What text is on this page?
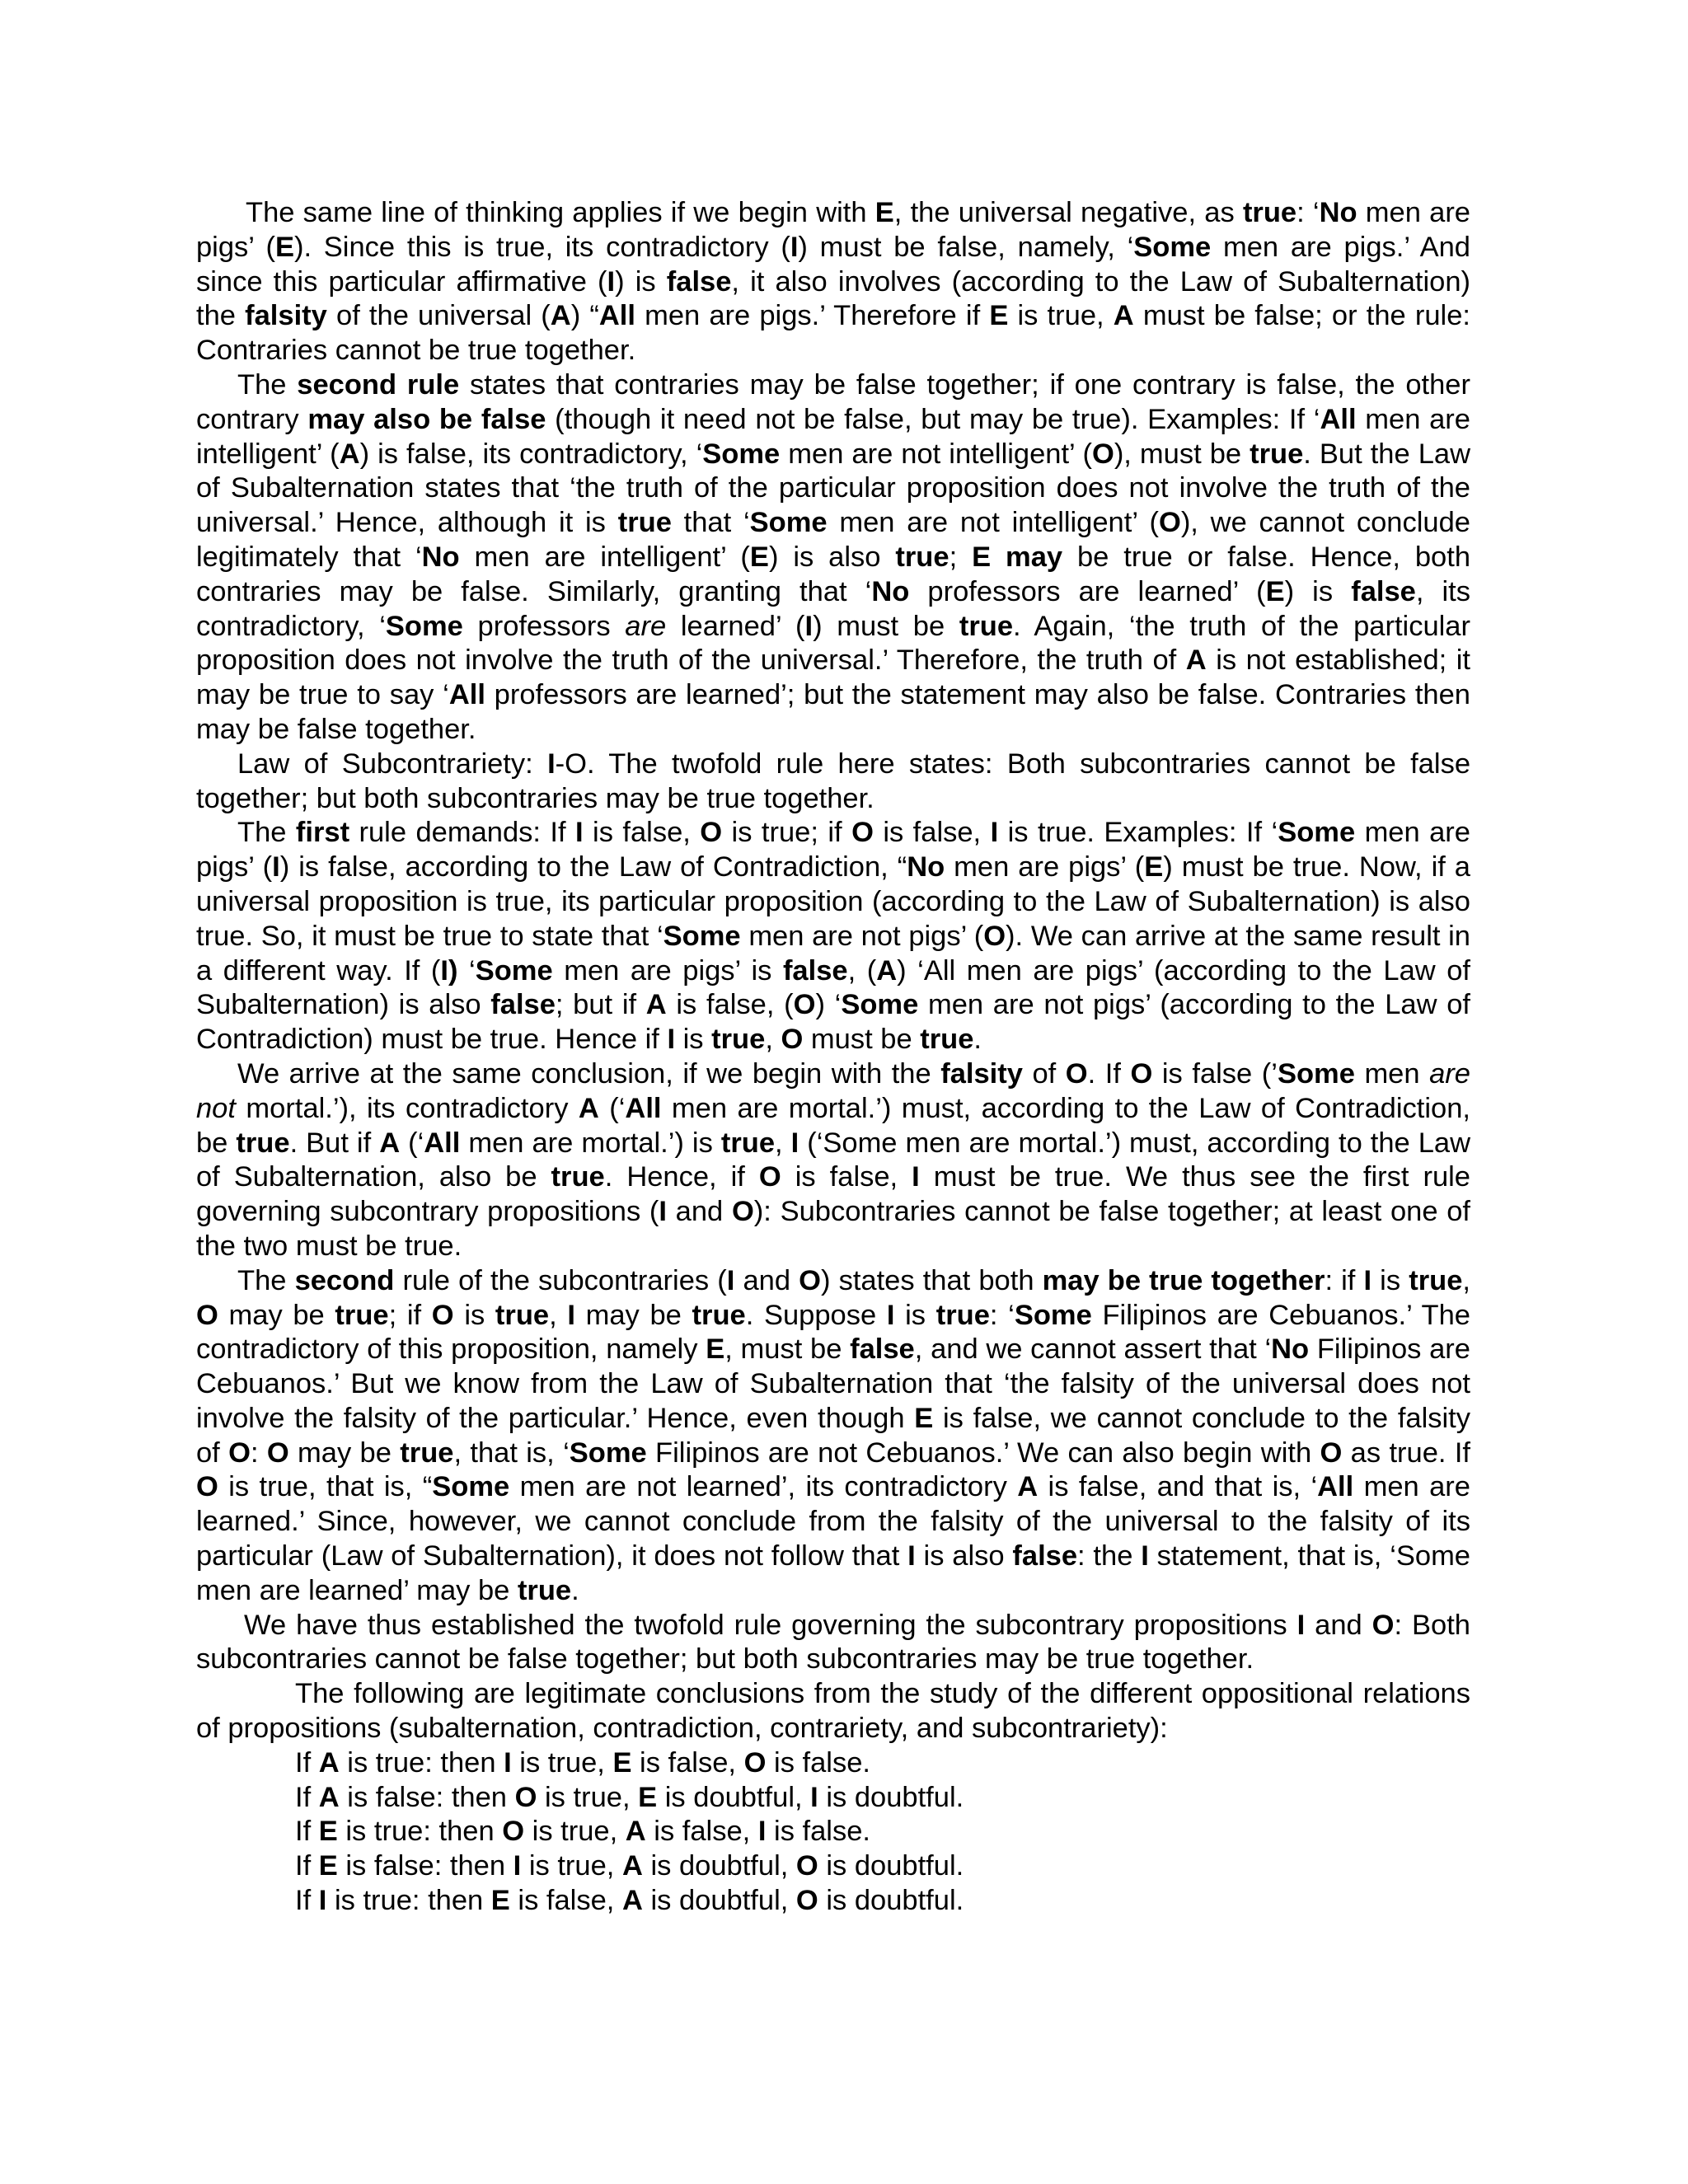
The same line of thinking applies if we begin with E, the universal negative, as true: ‘No men are pigs’ (E). Since this is true, its contradictory (I) must be false, namely, ‘Some men are pigs.’ And since this particular affirmative (I) is false, it also involves (according to the Law of Subalternation) the falsity of the universal (A) “All men are pigs.’ Therefore if E is true, A must be false; or the rule: Contraries cannot be true together.

The second rule states that contraries may be false together; if one contrary is false, the other contrary may also be false (though it need not be false, but may be true). Examples: If ‘All men are intelligent’ (A) is false, its contradictory, ‘Some men are not intelligent’ (O), must be true. But the Law of Subalternation states that ‘the truth of the particular proposition does not involve the truth of the universal.’ Hence, although it is true that ‘Some men are not intelligent’ (O), we cannot conclude legitimately that ‘No men are intelligent’ (E) is also true; E may be true or false. Hence, both contraries may be false. Similarly, granting that ‘No professors are learned’ (E) is false, its contradictory, ‘Some professors are learned’ (I) must be true. Again, ‘the truth of the particular proposition does not involve the truth of the universal.’ Therefore, the truth of A is not established; it may be true to say ‘All professors are learned’; but the statement may also be false. Contraries then may be false together.

Law of Subcontrariety: I-O. The twofold rule here states: Both subcontraries cannot be false together; but both subcontraries may be true together.

The first rule demands: If I is false, O is true; if O is false, I is true. Examples: If ‘Some men are pigs’ (I) is false, according to the Law of Contradiction, “No men are pigs’ (E) must be true. Now, if a universal proposition is true, its particular proposition (according to the Law of Subalternation) is also true. So, it must be true to state that ‘Some men are not pigs’ (O). We can arrive at the same result in a different way. If (I) ‘Some men are pigs’ is false, (A) ‘All men are pigs’ (according to the Law of Subalternation) is also false; but if A is false, (O) ‘Some men are not pigs’ (according to the Law of Contradiction) must be true. Hence if I is true, O must be true.

We arrive at the same conclusion, if we begin with the falsity of O. If O is false (’Some men are not mortal.’), its contradictory A (‘All men are mortal.’) must, according to the Law of Contradiction, be true. But if A (‘All men are mortal.’) is true, I (‘Some men are mortal.’) must, according to the Law of Subalternation, also be true. Hence, if O is false, I must be true. We thus see the first rule governing subcontrary propositions (I and O): Subcontraries cannot be false together; at least one of the two must be true.

The second rule of the subcontraries (I and O) states that both may be true together: if I is true, O may be true; if O is true, I may be true. Suppose I is true: ‘Some Filipinos are Cebuanos.’ The contradictory of this proposition, namely E, must be false, and we cannot assert that ‘No Filipinos are Cebuanos.’ But we know from the Law of Subalternation that ‘the falsity of the universal does not involve the falsity of the particular.’ Hence, even though E is false, we cannot conclude to the falsity of O: O may be true, that is, ‘Some Filipinos are not Cebuanos.’ We can also begin with O as true. If O is true, that is, “Some men are not learned’, its contradictory A is false, and that is, ‘All men are learned.’ Since, however, we cannot conclude from the falsity of the universal to the falsity of its particular (Law of Subalternation), it does not follow that I is also false: the I statement, that is, ‘Some men are learned’ may be true.

We have thus established the twofold rule governing the subcontrary propositions I and O: Both subcontraries cannot be false together; but both subcontraries may be true together.

The following are legitimate conclusions from the study of the different oppositional relations of propositions (subalternation, contradiction, contrariety, and subcontrariety):

If A is true: then I is true, E is false, O is false.

If A is false: then O is true, E is doubtful, I is doubtful.

If E is true: then O is true, A is false, I is false.

If E is false: then I is true, A is doubtful, O is doubtful.

If I is true: then E is false, A is doubtful, O is doubtful.
